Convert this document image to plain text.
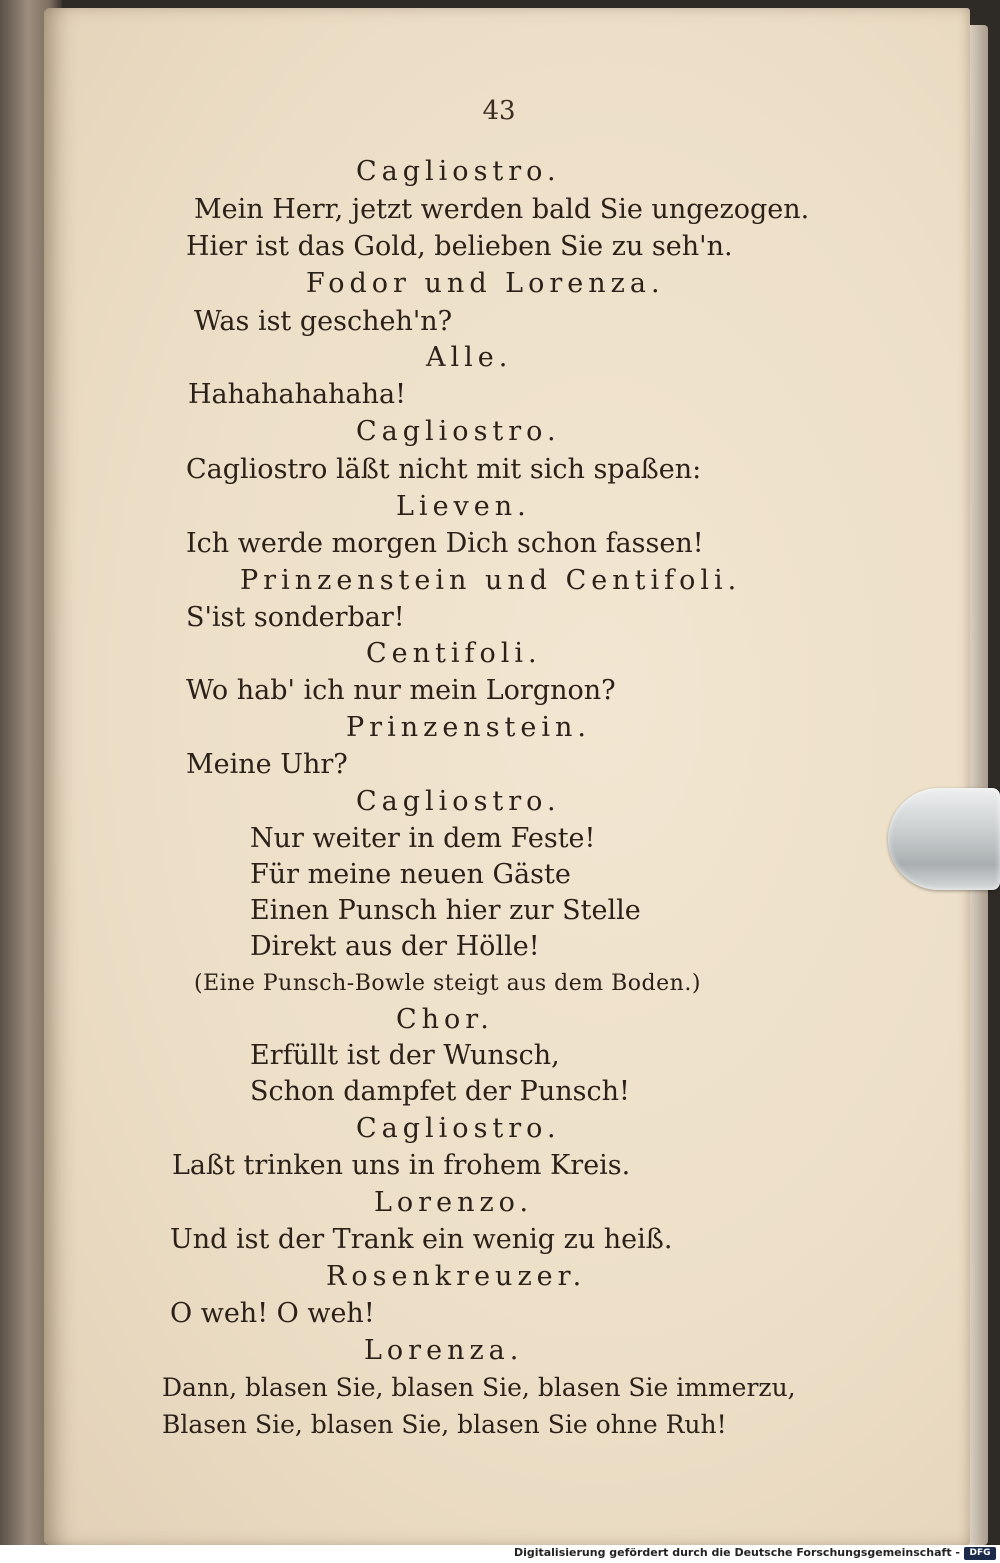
43
Cagliostro.
Mein Herr, jetzt werden bald Sie ungezogen.
Hier ist das Gold, belieben Sie zu seh'n.
Fodor und Lorenza.
Was ist gescheh'n?
Alle.
Hahahahahaha!
Cagliostro.
Cagliostro läßt nicht mit sich spaßen:
Lieven.
Ich werde morgen Dich schon fassen!
Prinzenstein und Centifoli.
S'ist sonderbar!
Centifoli.
Wo hab' ich nur mein Lorgnon?
Prinzenstein.
Meine Uhr?
Cagliostro.
Nur weiter in dem Feste!
Für meine neuen Gäste
Einen Punsch hier zur Stelle
Direkt aus der Hölle!
(Eine Punsch-Bowle steigt aus dem Boden.)
Chor.
Erfüllt ist der Wunsch,
Schon dampfet der Punsch!
Cagliostro.
Laßt trinken uns in frohem Kreis.
Lorenzo.
Und ist der Trank ein wenig zu heiß.
Rosenkreuzer.
O weh! O weh!
Lorenza.
Dann, blasen Sie, blasen Sie, blasen Sie immerzu,
Blasen Sie, blasen Sie, blasen Sie ohne Ruh!
Digitalisierung gefördert durch die Deutsche Forschungsgemeinschaft -	DFG
